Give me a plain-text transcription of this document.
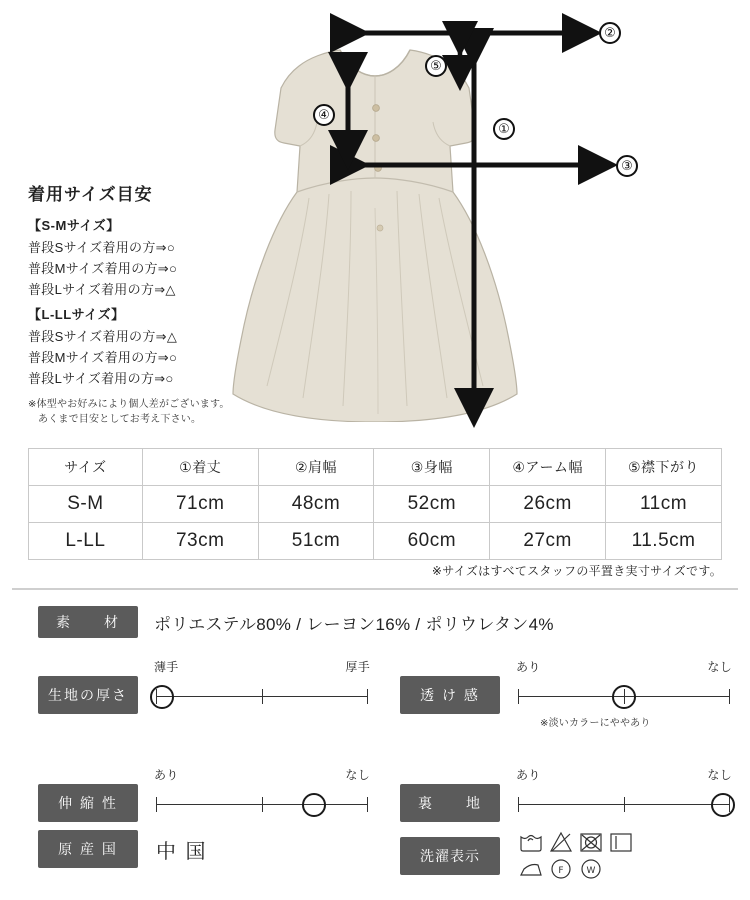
②
③
①
④
⑤
着用サイズ目安
【S-Mサイズ】
普段Sサイズ着用の方⇒○
普段Mサイズ着用の方⇒○
普段Lサイズ着用の方⇒△
【L-LLサイズ】
普段Sサイズ着用の方⇒△
普段Mサイズ着用の方⇒○
普段Lサイズ着用の方⇒○
※体型やお好みにより個人差がございます。
あくまで目安としてお考え下さい。
サイズ	①着丈	②肩幅	③身幅	④アーム幅	⑤襟下がり
S-M	71cm	48cm	52cm	26cm	11cm
L-LL	73cm	51cm	60cm	27cm	11.5cm
※サイズはすべてスタッフの平置き実寸サイズです。
素　　材	ポリエステル80% / レーヨン16% / ポリウレタン4%
生地の厚さ
薄手	厚手
透 け 感
あり	なし
※淡いカラーにややあり
伸 縮 性
あり	なし
裏　　地
あり	なし
原 産 国	中 国	洗濯表示
F	W
